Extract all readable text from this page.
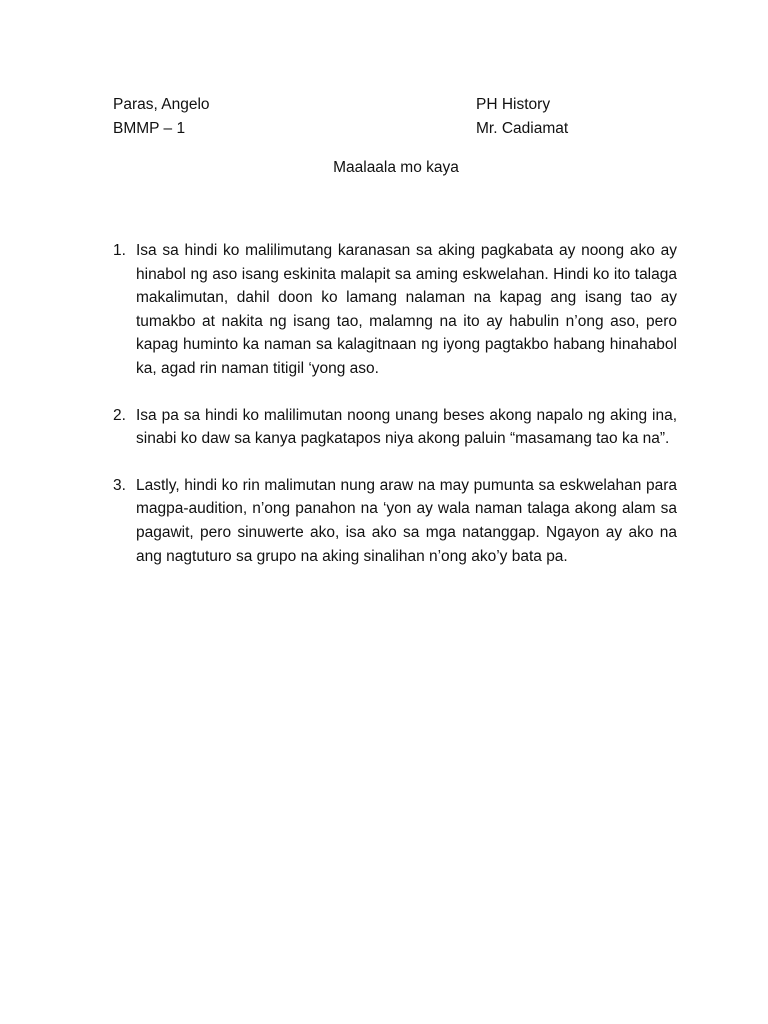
Paras, Angelo
BMMP – 1
PH History
Mr. Cadiamat
Maalaala mo kaya
1. Isa sa hindi ko malilimutang karanasan sa aking pagkabata ay noong ako ay hinabol ng aso isang eskinita malapit sa aming eskwelahan. Hindi ko ito talaga makalimutan, dahil doon ko lamang nalaman na kapag ang isang tao ay tumakbo at nakita ng isang tao, malamng na ito ay habulin n’ong aso, pero kapag huminto ka naman sa kalagitnaan ng iyong pagtakbo habang hinahabol ka, agad rin naman titigil ‘yong aso.
2. Isa pa sa hindi ko malilimutan noong unang beses akong napalo ng aking ina, sinabi ko daw sa kanya pagkatapos niya akong paluin “masamang tao ka na”.
3. Lastly, hindi ko rin malimutan nung araw na may pumunta sa eskwelahan para magpa-audition, n’ong panahon na ‘yon ay wala naman talaga akong alam sa pagawit, pero sinuwerte ako, isa ako sa mga natanggap. Ngayon ay ako na ang nagtuturo sa grupo na aking sinalihan n’ong ako’y bata pa.
